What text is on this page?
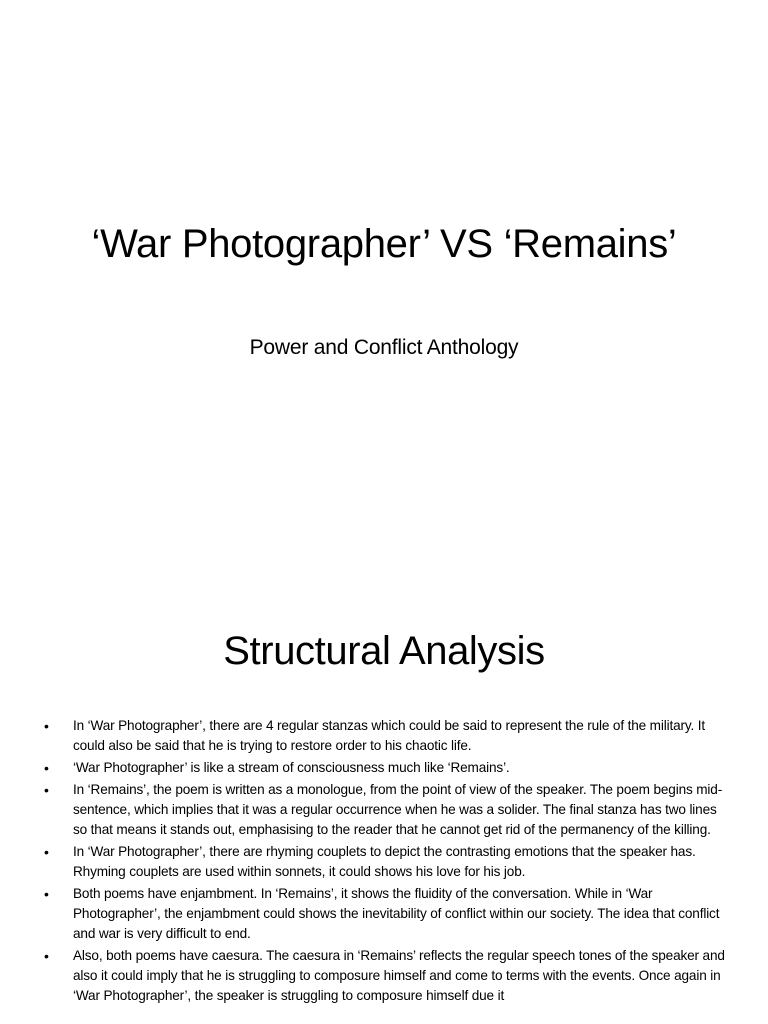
‘War Photographer’ VS ‘Remains’
Power and Conflict Anthology
Structural Analysis
• In ‘War Photographer’, there are 4 regular stanzas which could be said to represent the rule of the military. It could also be said that he is trying to restore order to his chaotic life.
• ‘War Photographer’ is like a stream of consciousness much like ‘Remains’.
• In ‘Remains’, the poem is written as a monologue, from the point of view of the speaker. The poem begins mid-sentence, which implies that it was a regular occurrence when he was a solider. The final stanza has two lines so that means it stands out, emphasising to the reader that he cannot get rid of the permanency of the killing.
• In ‘War Photographer’, there are rhyming couplets to depict the contrasting emotions that the speaker has. Rhyming couplets are used within sonnets, it could shows his love for his job.
• Both poems have enjambment. In ‘Remains’, it shows the fluidity of the conversation. While in ‘War Photographer’, the enjambment could shows the inevitability of conflict within our society. The idea that conflict and war is very difficult to end.
• Also, both poems have caesura. The caesura in ‘Remains’ reflects the regular speech tones of the speaker and also it could imply that he is struggling to composure himself and come to terms with the events. Once again in ‘War Photographer’, the speaker is struggling to composure himself due it
